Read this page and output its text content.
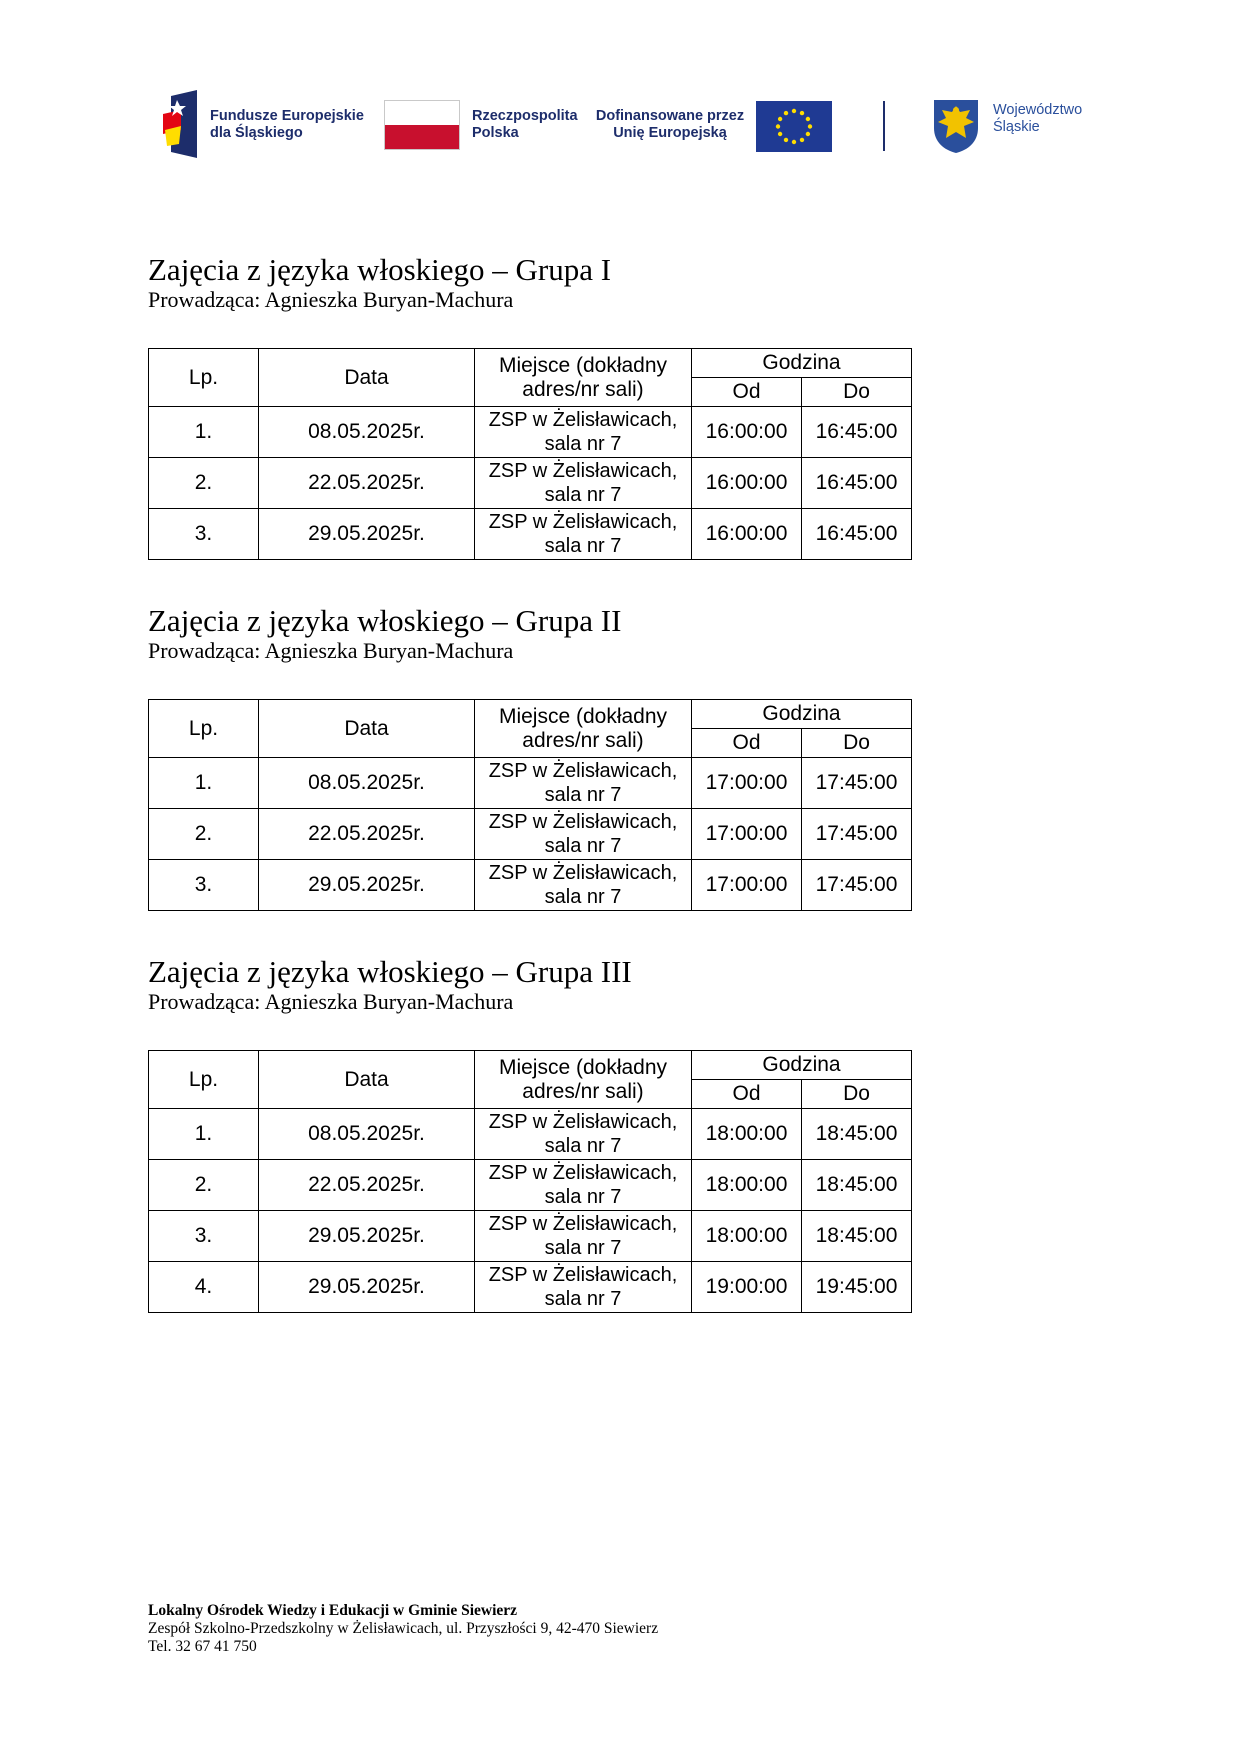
Fundusze Europejskie
dla Śląskiego
Rzeczpospolita
Polska
Dofinansowane przez
Unię Europejską
Województwo
Śląskie
Zajęcia z języka włoskiego – Grupa I

Prowadząca: Agnieszka Buryan-Machura

Lp.	Data	Miejsce (dokładny
adres/nr sali)	Godzina	
			Od	Do
1.	08.05.2025r.	ZSP w Żelisławicach,
sala nr 7	16:00:00	16:45:00
2.	22.05.2025r.	ZSP w Żelisławicach,
sala nr 7	16:00:00	16:45:00
3.	29.05.2025r.	ZSP w Żelisławicach,
sala nr 7	16:00:00	16:45:00
Zajęcia z języka włoskiego – Grupa II

Prowadząca: Agnieszka Buryan-Machura

Lp.	Data	Miejsce (dokładny
adres/nr sali)	Godzina	
			Od	Do
1.	08.05.2025r.	ZSP w Żelisławicach,
sala nr 7	17:00:00	17:45:00
2.	22.05.2025r.	ZSP w Żelisławicach,
sala nr 7	17:00:00	17:45:00
3.	29.05.2025r.	ZSP w Żelisławicach,
sala nr 7	17:00:00	17:45:00
Zajęcia z języka włoskiego – Grupa III

Prowadząca: Agnieszka Buryan-Machura

Lp.	Data	Miejsce (dokładny
adres/nr sali)	Godzina	
			Od	Do
1.	08.05.2025r.	ZSP w Żelisławicach,
sala nr 7	18:00:00	18:45:00
2.	22.05.2025r.	ZSP w Żelisławicach,
sala nr 7	18:00:00	18:45:00
3.	29.05.2025r.	ZSP w Żelisławicach,
sala nr 7	18:00:00	18:45:00
4.	29.05.2025r.	ZSP w Żelisławicach,
sala nr 7	19:00:00	19:45:00
Lokalny Ośrodek Wiedzy i Edukacji w Gminie Siewierz
Zespół Szkolno-Przedszkolny w Żelisławicach, ul. Przyszłości 9, 42-470 Siewierz
Tel. 32 67 41 750
